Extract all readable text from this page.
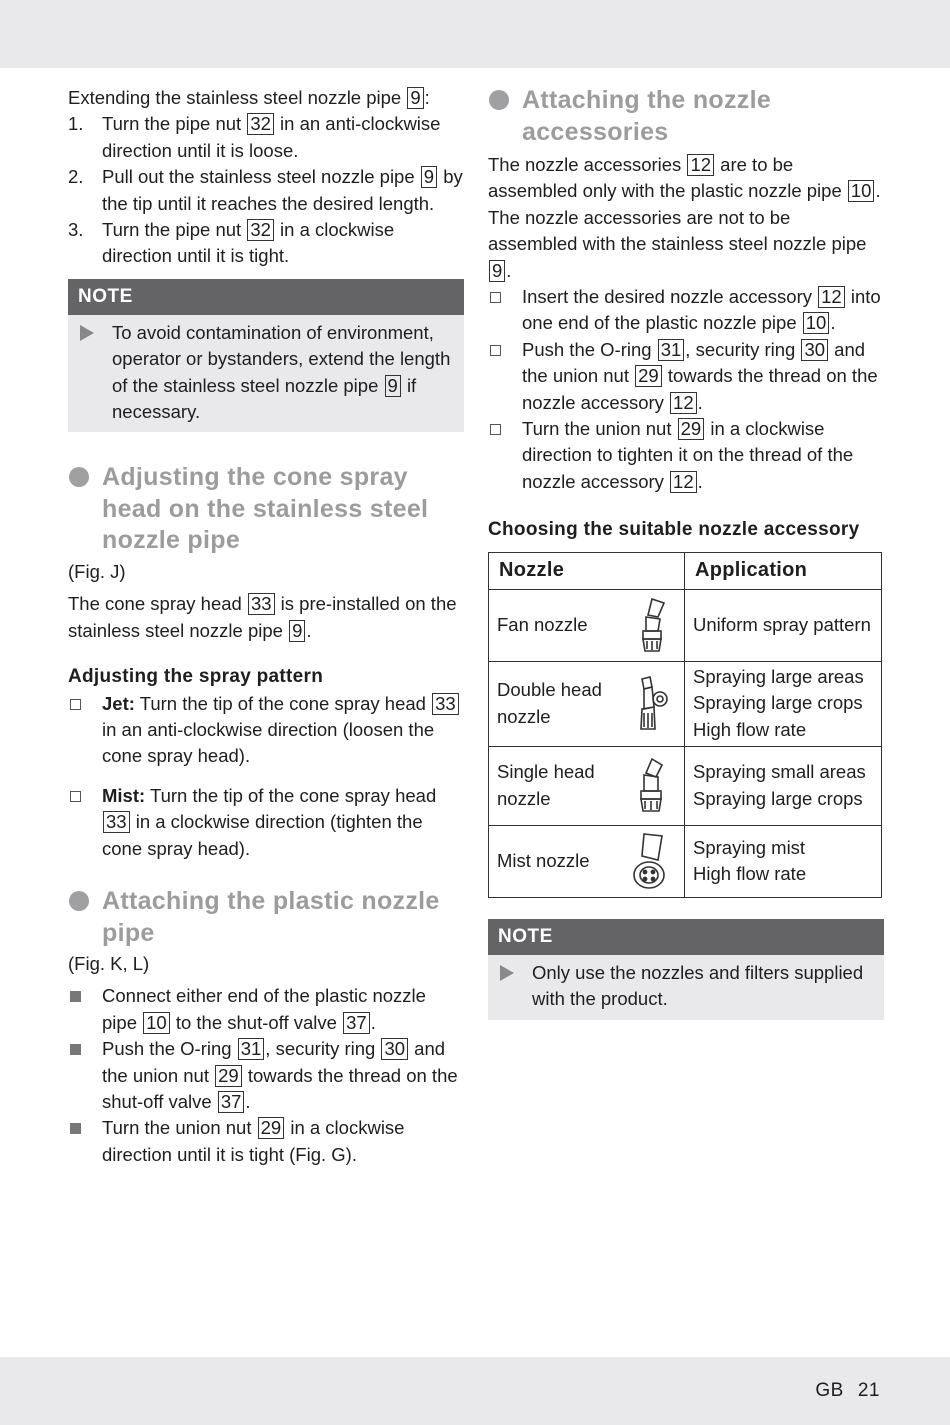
Extending the stainless steel nozzle pipe 9 :

1. Turn the pipe nut 32 in an anti-clockwise direction until it is loose.
2. Pull out the stainless steel nozzle pipe 9 by the tip until it reaches the desired length.
3. Turn the pipe nut 32 in a clockwise direction until it is tight.
NOTE
To avoid contamination of environment, operator or bystanders, extend the length of the stainless steel nozzle pipe 9 if necessary.
Adjusting the cone spray head on the stainless steel nozzle pipe

(Fig. J)

The cone spray head 33 is pre-installed on the stainless steel nozzle pipe 9 .

Adjusting the spray pattern

Jet: Turn the tip of the cone spray head 33 in an anti-clockwise direction (loosen the cone spray head).
Mist: Turn the tip of the cone spray head 33 in a clockwise direction (tighten the cone spray head).
Attaching the plastic nozzle pipe

(Fig. K, L)

Connect either end of the plastic nozzle pipe 10 to the shut-off valve 37 .
Push the O-ring 31 , security ring 30 and the union nut 29 towards the thread on the shut-off valve 37 .
Turn the union nut 29 in a clockwise direction until it is tight (Fig. G).
Attaching the nozzle accessories

The nozzle accessories 12 are to be assembled only with the plastic nozzle pipe 10 .

The nozzle accessories are not to be assembled with the stainless steel nozzle pipe 9 .

Insert the desired nozzle accessory 12 into one end of the plastic nozzle pipe 10 .
Push the O-ring 31 , security ring 30 and the union nut 29 towards the thread on the nozzle accessory 12 .
Turn the union nut 29 in a clockwise direction to tighten it on the thread of the nozzle accessory 12 .

Choosing the suitable nozzle accessory

Nozzle	Application
Fan nozzle	Uniform spray pattern

Double head nozzle	Spraying large areas
Spraying large crops
High flow rate

Single head nozzle	Spraying small areas
Spraying large crops

Mist nozzle	Spraying mist
High flow rate
NOTE
Only use the nozzles and filters supplied with the product.
GB 21
